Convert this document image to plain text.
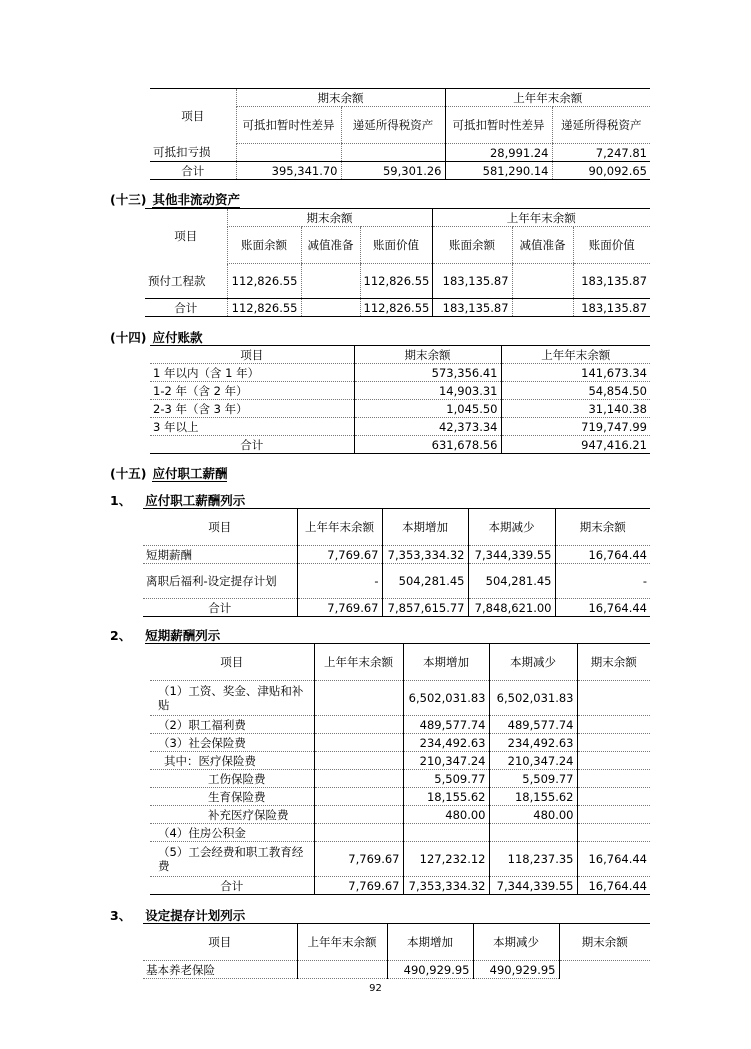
项目	期末余额		上年年末余额	
	可抵扣暂时性差异	递延所得税资产	可抵扣暂时性差异	递延所得税资产
可抵扣亏损			28,991.24	7,247.81
合计	395,341.70	59,301.26	581,290.14	90,092.65
(十三) 其他非流动资产
项目	期末余额			上年年末余额		
	账面余额	减值准备	账面价值	账面余额	减值准备	账面价值
预付工程款	112,826.55		112,826.55	183,135.87		183,135.87
合计	112,826.55		112,826.55	183,135.87		183,135.87
(十四) 应付账款
项目	期末余额	上年年末余额
1 年以内（含 1 年）	573,356.41	141,673.34
1-2 年（含 2 年）	14,903.31	54,854.50
2-3 年（含 3 年）	1,045.50	31,140.38
3 年以上	42,373.34	719,747.99
合计	631,678.56	947,416.21
(十五) 应付职工薪酬
1、 应付职工薪酬列示
项目	上年年末余额	本期增加	本期减少	期末余额
短期薪酬	7,769.67	7,353,334.32	7,344,339.55	16,764.44
离职后福利-设定提存计划	-	504,281.45	504,281.45	-
合计	7,769.67	7,857,615.77	7,848,621.00	16,764.44
2、 短期薪酬列示
项目	上年年末余额	本期增加	本期减少	期末余额
（1）工资、奖金、津贴和补贴		6,502,031.83	6,502,031.83	
（2）职工福利费		489,577.74	489,577.74	
（3）社会保险费		234,492.63	234,492.63	
其中：医疗保险费		210,347.24	210,347.24	
工伤保险费		5,509.77	5,509.77	
生育保险费		18,155.62	18,155.62	
补充医疗保险费		480.00	480.00	
（4）住房公积金				
（5）工会经费和职工教育经费	7,769.67	127,232.12	118,237.35	16,764.44
合计	7,769.67	7,353,334.32	7,344,339.55	16,764.44
3、 设定提存计划列示
项目	上年年末余额	本期增加	本期减少	期末余额
基本养老保险		490,929.95	490,929.95	
92
